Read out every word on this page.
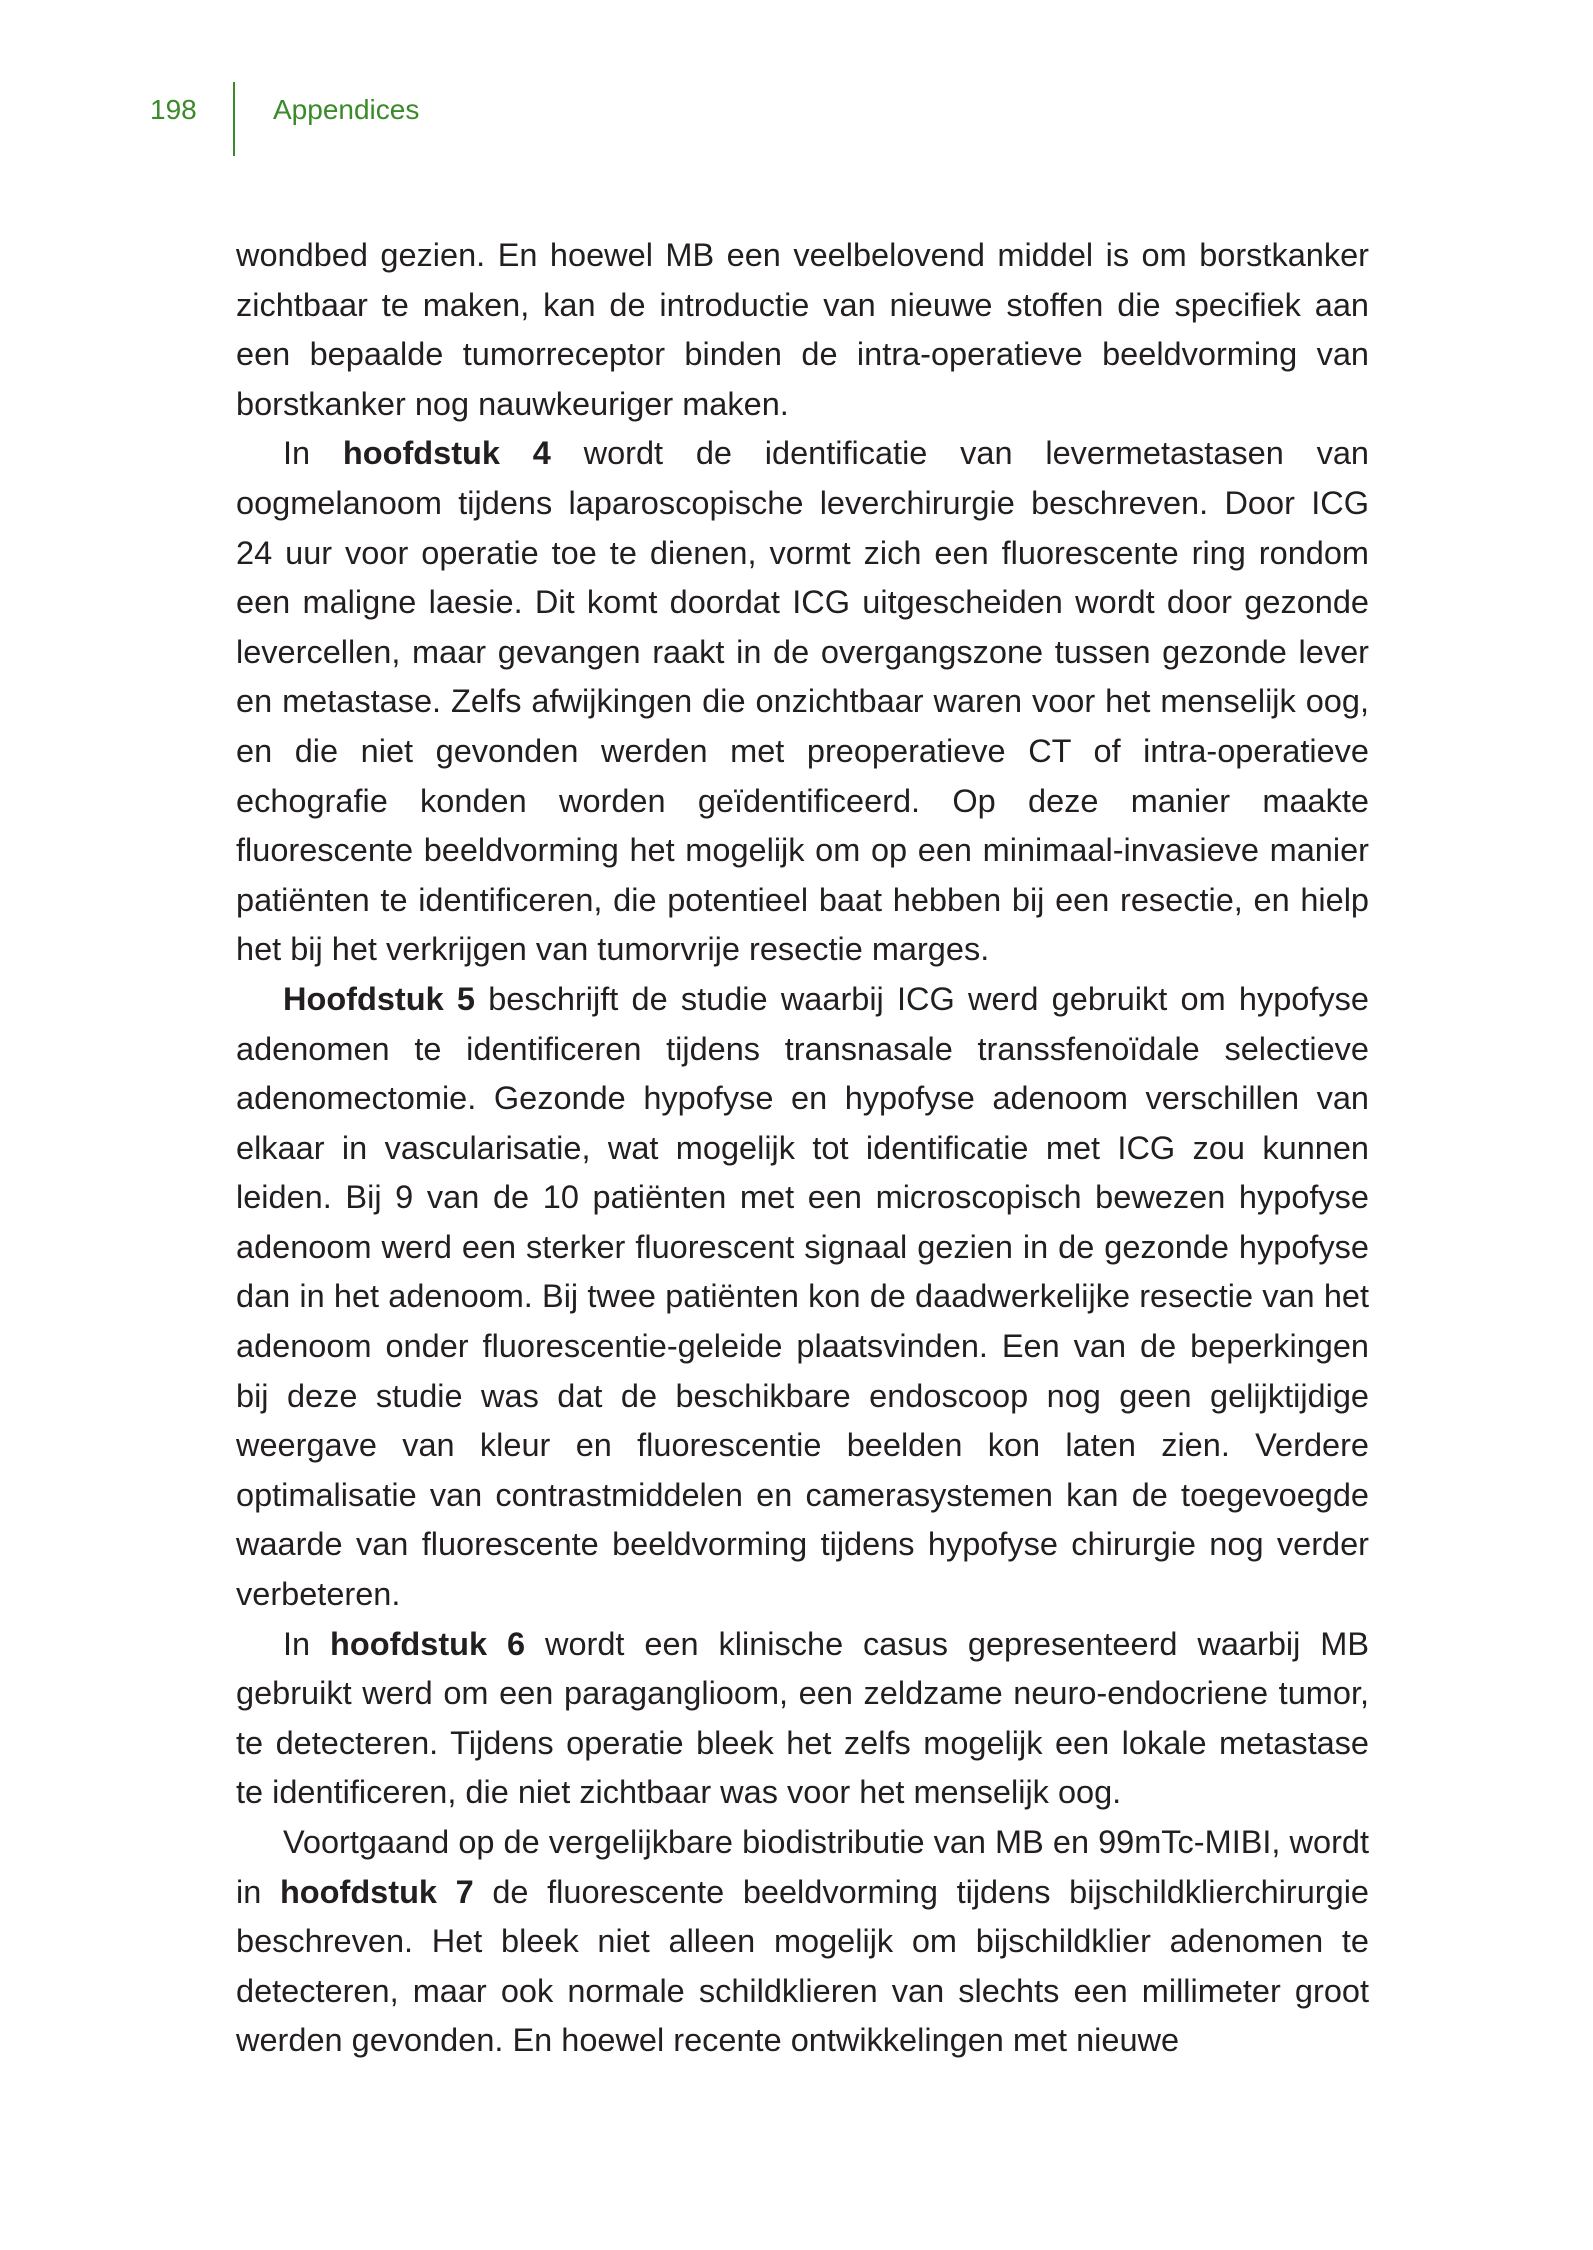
198	Appendices

wondbed gezien. En hoewel MB een veelbelovend middel is om borstkanker zichtbaar te maken, kan de introductie van nieuwe stoffen die specifiek aan een bepaalde tumorreceptor binden de intra-operatieve beeldvorming van borstkanker nog nauwkeuriger maken.

In hoofdstuk 4 wordt de identificatie van levermetastasen van oogmelanoom tijdens laparoscopische leverchirurgie beschreven. Door ICG 24 uur voor operatie toe te dienen, vormt zich een fluorescente ring rondom een maligne laesie. Dit komt doordat ICG uitgescheiden wordt door gezonde levercellen, maar gevangen raakt in de overgangszone tussen gezonde lever en metastase. Zelfs afwijkingen die onzichtbaar waren voor het menselijk oog, en die niet gevonden werden met preoperatieve CT of intra-operatieve echografie konden worden geïdentificeerd. Op deze manier maakte fluorescente beeldvorming het mogelijk om op een minimaal-invasieve manier patiënten te identificeren, die potentieel baat hebben bij een resectie, en hielp het bij het verkrijgen van tumorvrije resectie marges.

Hoofdstuk 5 beschrijft de studie waarbij ICG werd gebruikt om hypofyse adenomen te identificeren tijdens transnasale transsfenoïdale selectieve adenomectomie. Gezonde hypofyse en hypofyse adenoom verschillen van elkaar in vascularisatie, wat mogelijk tot identificatie met ICG zou kunnen leiden. Bij 9 van de 10 patiënten met een microscopisch bewezen hypofyse adenoom werd een sterker fluorescent signaal gezien in de gezonde hypofyse dan in het adenoom. Bij twee patiënten kon de daadwerkelijke resectie van het adenoom onder fluorescentie-geleide plaatsvinden. Een van de beperkingen bij deze studie was dat de beschikbare endoscoop nog geen gelijktijdige weergave van kleur en fluorescentie beelden kon laten zien. Verdere optimalisatie van contrastmiddelen en camerasystemen kan de toegevoegde waarde van fluorescente beeldvorming tijdens hypofyse chirurgie nog verder verbeteren.

In hoofdstuk 6 wordt een klinische casus gepresenteerd waarbij MB gebruikt werd om een paraganglioom, een zeldzame neuro-endocriene tumor, te detecteren. Tijdens operatie bleek het zelfs mogelijk een lokale metastase te identificeren, die niet zichtbaar was voor het menselijk oog.

Voortgaand op de vergelijkbare biodistributie van MB en 99mTc-MIBI, wordt in hoofdstuk 7 de fluorescente beeldvorming tijdens bijschildklierchirurgie beschreven. Het bleek niet alleen mogelijk om bijschildklier adenomen te detecteren, maar ook normale schildklieren van slechts een millimeter groot werden gevonden. En hoewel recente ontwikkelingen met nieuwe
